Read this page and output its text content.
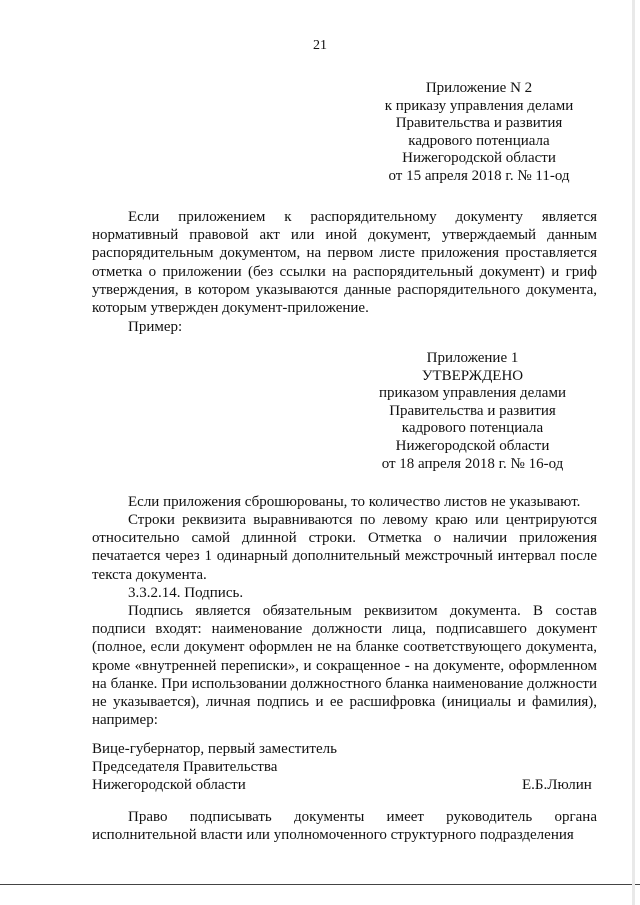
21
Приложение N 2
к приказу управления делами
Правительства и развития
кадрового потенциала
Нижегородской области
от 15 апреля 2018 г. № 11-од
Если приложением к распорядительному документу является нормативный правовой акт или иной документ, утверждаемый данным распорядительным документом, на первом листе приложения проставляется отметка о приложении (без ссылки на распорядительный документ) и гриф утверждения, в котором указываются данные распорядительного документа, которым утвержден документ-приложение.
Пример:
Приложение 1
УТВЕРЖДЕНО
приказом управления делами
Правительства и развития
кадрового потенциала
Нижегородской области
от 18 апреля 2018 г. № 16-од
Если приложения сброшюрованы, то количество листов не указывают.
Строки реквизита выравниваются по левому краю или центрируются относительно самой длинной строки. Отметка о наличии приложения печатается через 1 одинарный дополнительный межстрочный интервал после текста документа.
3.3.2.14. Подпись.
Подпись является обязательным реквизитом документа. В состав подписи входят: наименование должности лица, подписавшего документ (полное, если документ оформлен не на бланке соответствующего документа, кроме «внутренней переписки», и сокращенное - на документе, оформленном на бланке. При использовании должностного бланка наименование должности не указывается), личная подпись и ее расшифровка (инициалы и фамилия), например:
Вице-губернатор, первый заместитель
Председателя Правительства
Нижегородской области	Е.Б.Люлин
Право подписывать документы имеет руководитель органа исполнительной власти или уполномоченного структурного подразделения
